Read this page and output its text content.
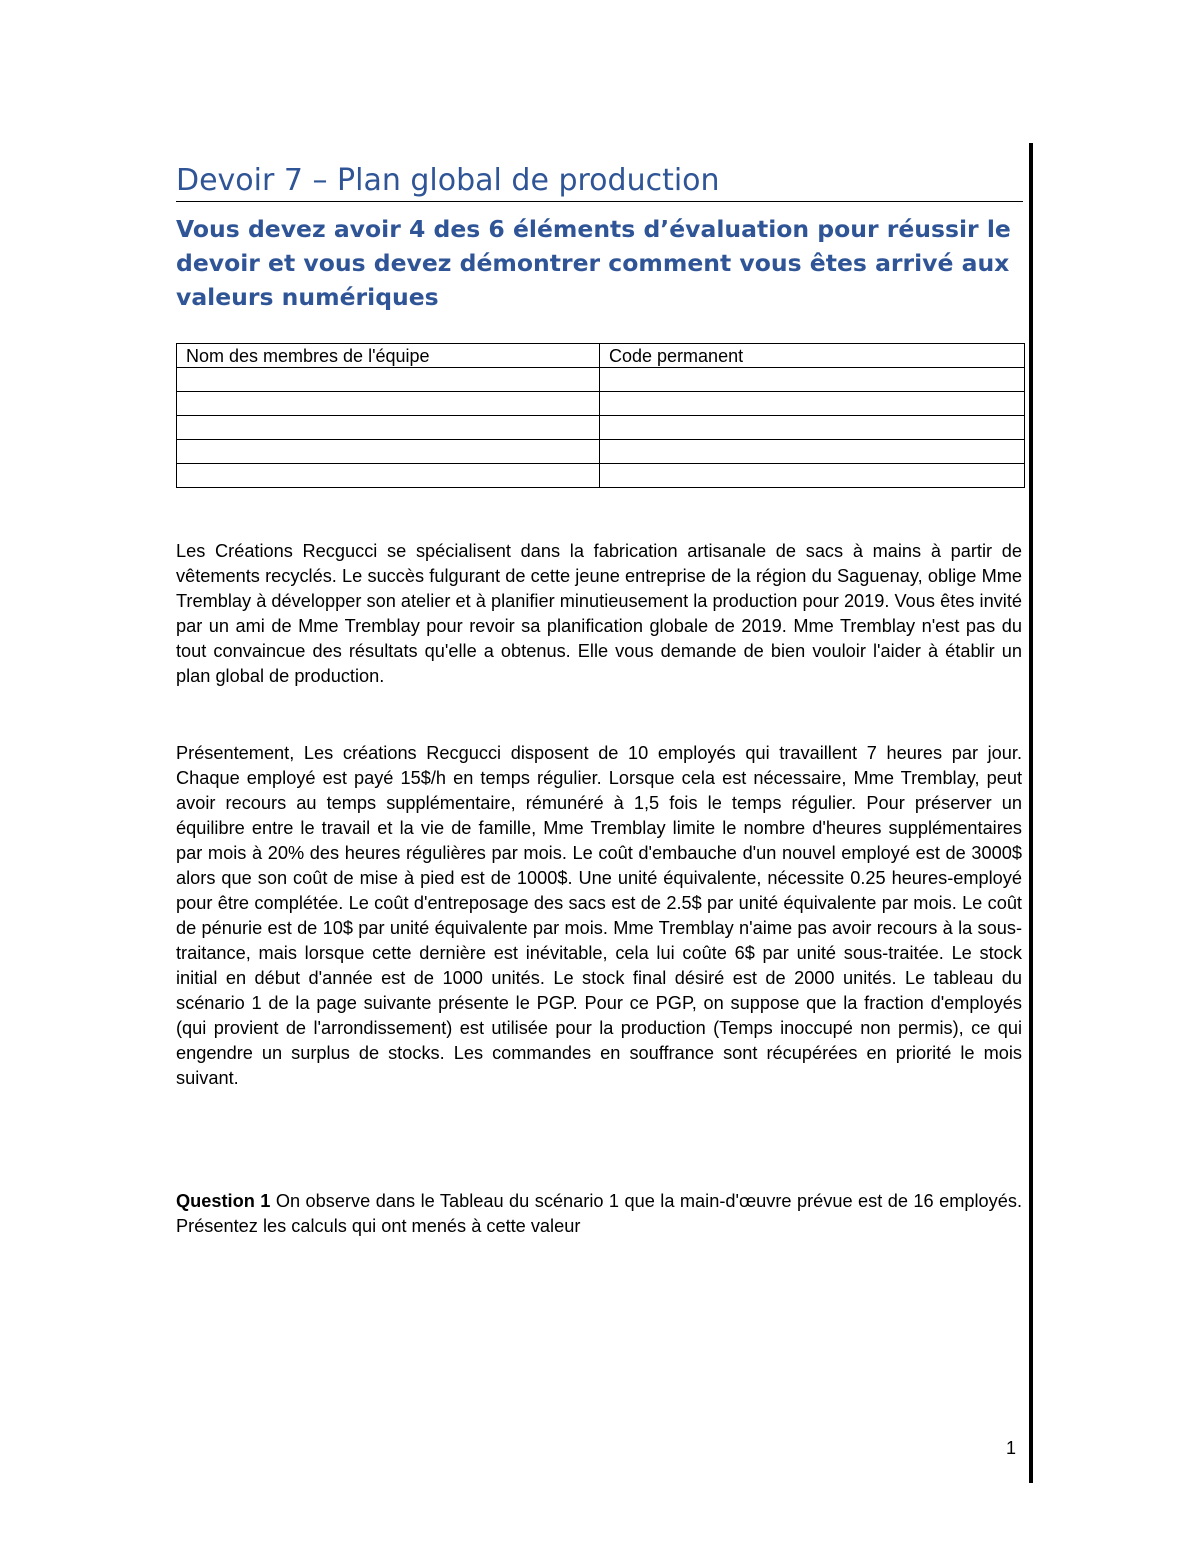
Devoir 7 – Plan global de production
Vous devez avoir 4 des 6 éléments d’évaluation pour réussir le devoir et vous devez démontrer comment vous êtes arrivé aux valeurs numériques
Nom des membres de l'équipe	Code permanent

Les Créations Recgucci se spécialisent dans la fabrication artisanale de sacs à mains à partir de vêtements recyclés. Le succès fulgurant de cette jeune entreprise de la région du Saguenay, oblige Mme Tremblay à développer son atelier et à planifier minutieusement la production pour 2019. Vous êtes invité par un ami de Mme Tremblay pour revoir sa planification globale de 2019. Mme Tremblay n'est pas du tout convaincue des résultats qu'elle a obtenus. Elle vous demande de bien vouloir l'aider à établir un plan global de production.

Présentement, Les créations Recgucci disposent de 10 employés qui travaillent 7 heures par jour. Chaque employé est payé 15$/h en temps régulier. Lorsque cela est nécessaire, Mme Tremblay, peut avoir recours au temps supplémentaire, rémunéré à 1,5 fois le temps régulier. Pour préserver un équilibre entre le travail et la vie de famille, Mme Tremblay limite le nombre d'heures supplémentaires par mois à 20% des heures régulières par mois. Le coût d'embauche d'un nouvel employé est de 3000$ alors que son coût de mise à pied est de 1000$. Une unité équivalente, nécessite 0.25 heures-employé pour être complétée. Le coût d'entreposage des sacs est de 2.5$ par unité équivalente par mois. Le coût de pénurie est de 10$ par unité équivalente par mois. Mme Tremblay n'aime pas avoir recours à la sous-traitance, mais lorsque cette dernière est inévitable, cela lui coûte 6$ par unité sous-traitée. Le stock initial en début d'année est de 1000 unités. Le stock final désiré est de 2000 unités. Le tableau du scénario 1 de la page suivante présente le PGP. Pour ce PGP, on suppose que la fraction d'employés (qui provient de l'arrondissement) est utilisée pour la production (Temps inoccupé non permis), ce qui engendre un surplus de stocks. Les commandes en souffrance sont récupérées en priorité le mois suivant.

Question 1 On observe dans le Tableau du scénario 1 que la main-d'œuvre prévue est de 16 employés. Présentez les calculs qui ont menés à cette valeur

1
